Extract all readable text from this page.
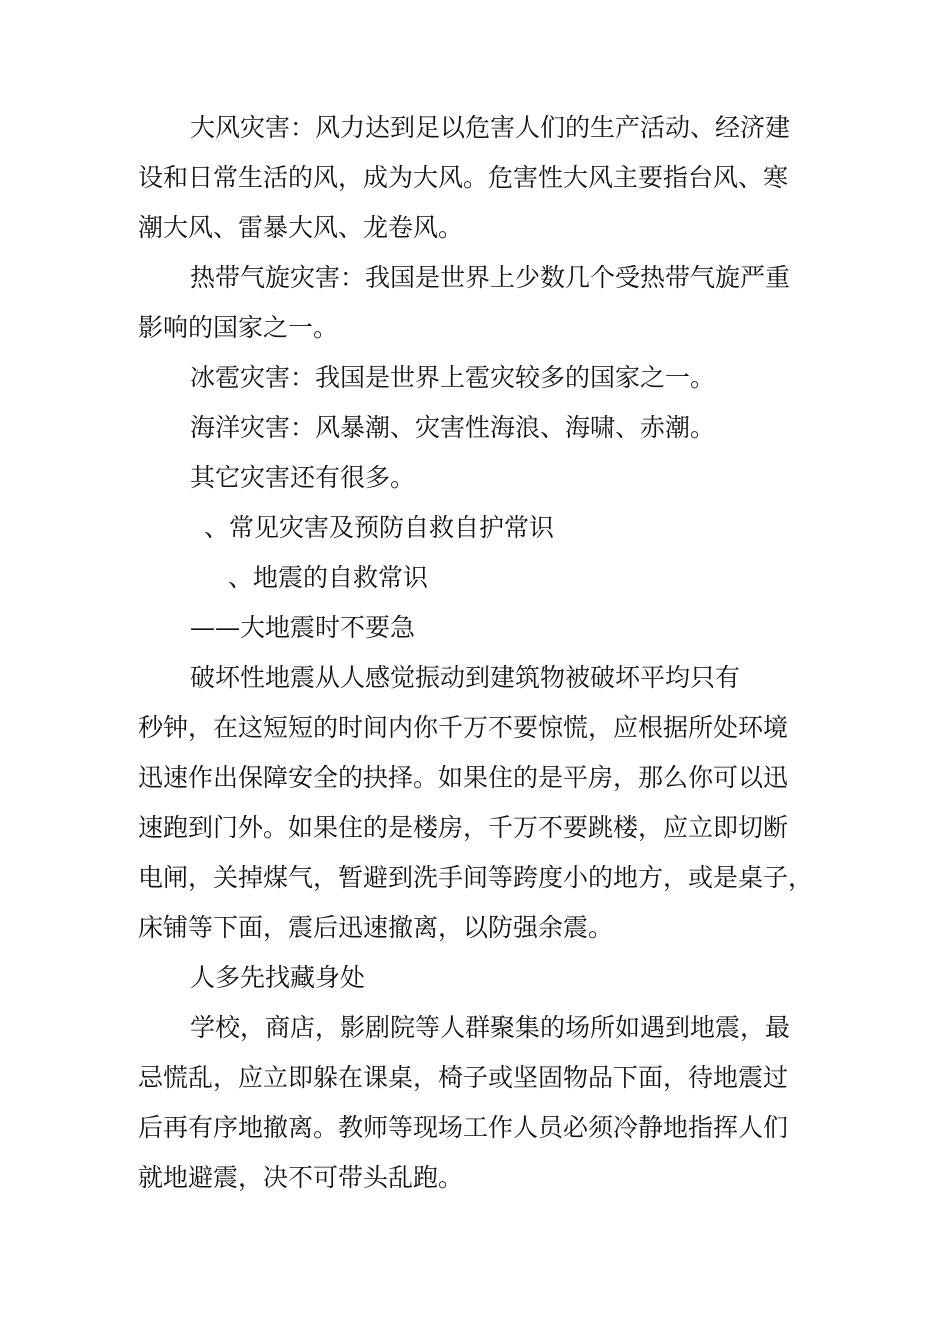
大风灾害：风力达到足以危害人们的生产活动、经济建
设和日常生活的风，成为大风。危害性大风主要指台风、寒
潮大风、雷暴大风、龙卷风。
热带气旋灾害：我国是世界上少数几个受热带气旋严重
影响的国家之一。
冰雹灾害：我国是世界上雹灾较多的国家之一。
海洋灾害：风暴潮、灾害性海浪、海啸、赤潮。
其它灾害还有很多。
、常见灾害及预防自救自护常识
、地震的自救常识
——大地震时不要急
破坏性地震从人感觉振动到建筑物被破坏平均只有
秒钟，在这短短的时间内你千万不要惊慌，应根据所处环境
迅速作出保障安全的抉择。如果住的是平房，那么你可以迅
速跑到门外。如果住的是楼房，千万不要跳楼，应立即切断
电闸，关掉煤气，暂避到洗手间等跨度小的地方，或是桌子，
床铺等下面，震后迅速撤离，以防强余震。
人多先找藏身处
学校，商店，影剧院等人群聚集的场所如遇到地震，最
忌慌乱，应立即躲在课桌，椅子或坚固物品下面，待地震过
后再有序地撤离。教师等现场工作人员必须冷静地指挥人们
就地避震，决不可带头乱跑。
